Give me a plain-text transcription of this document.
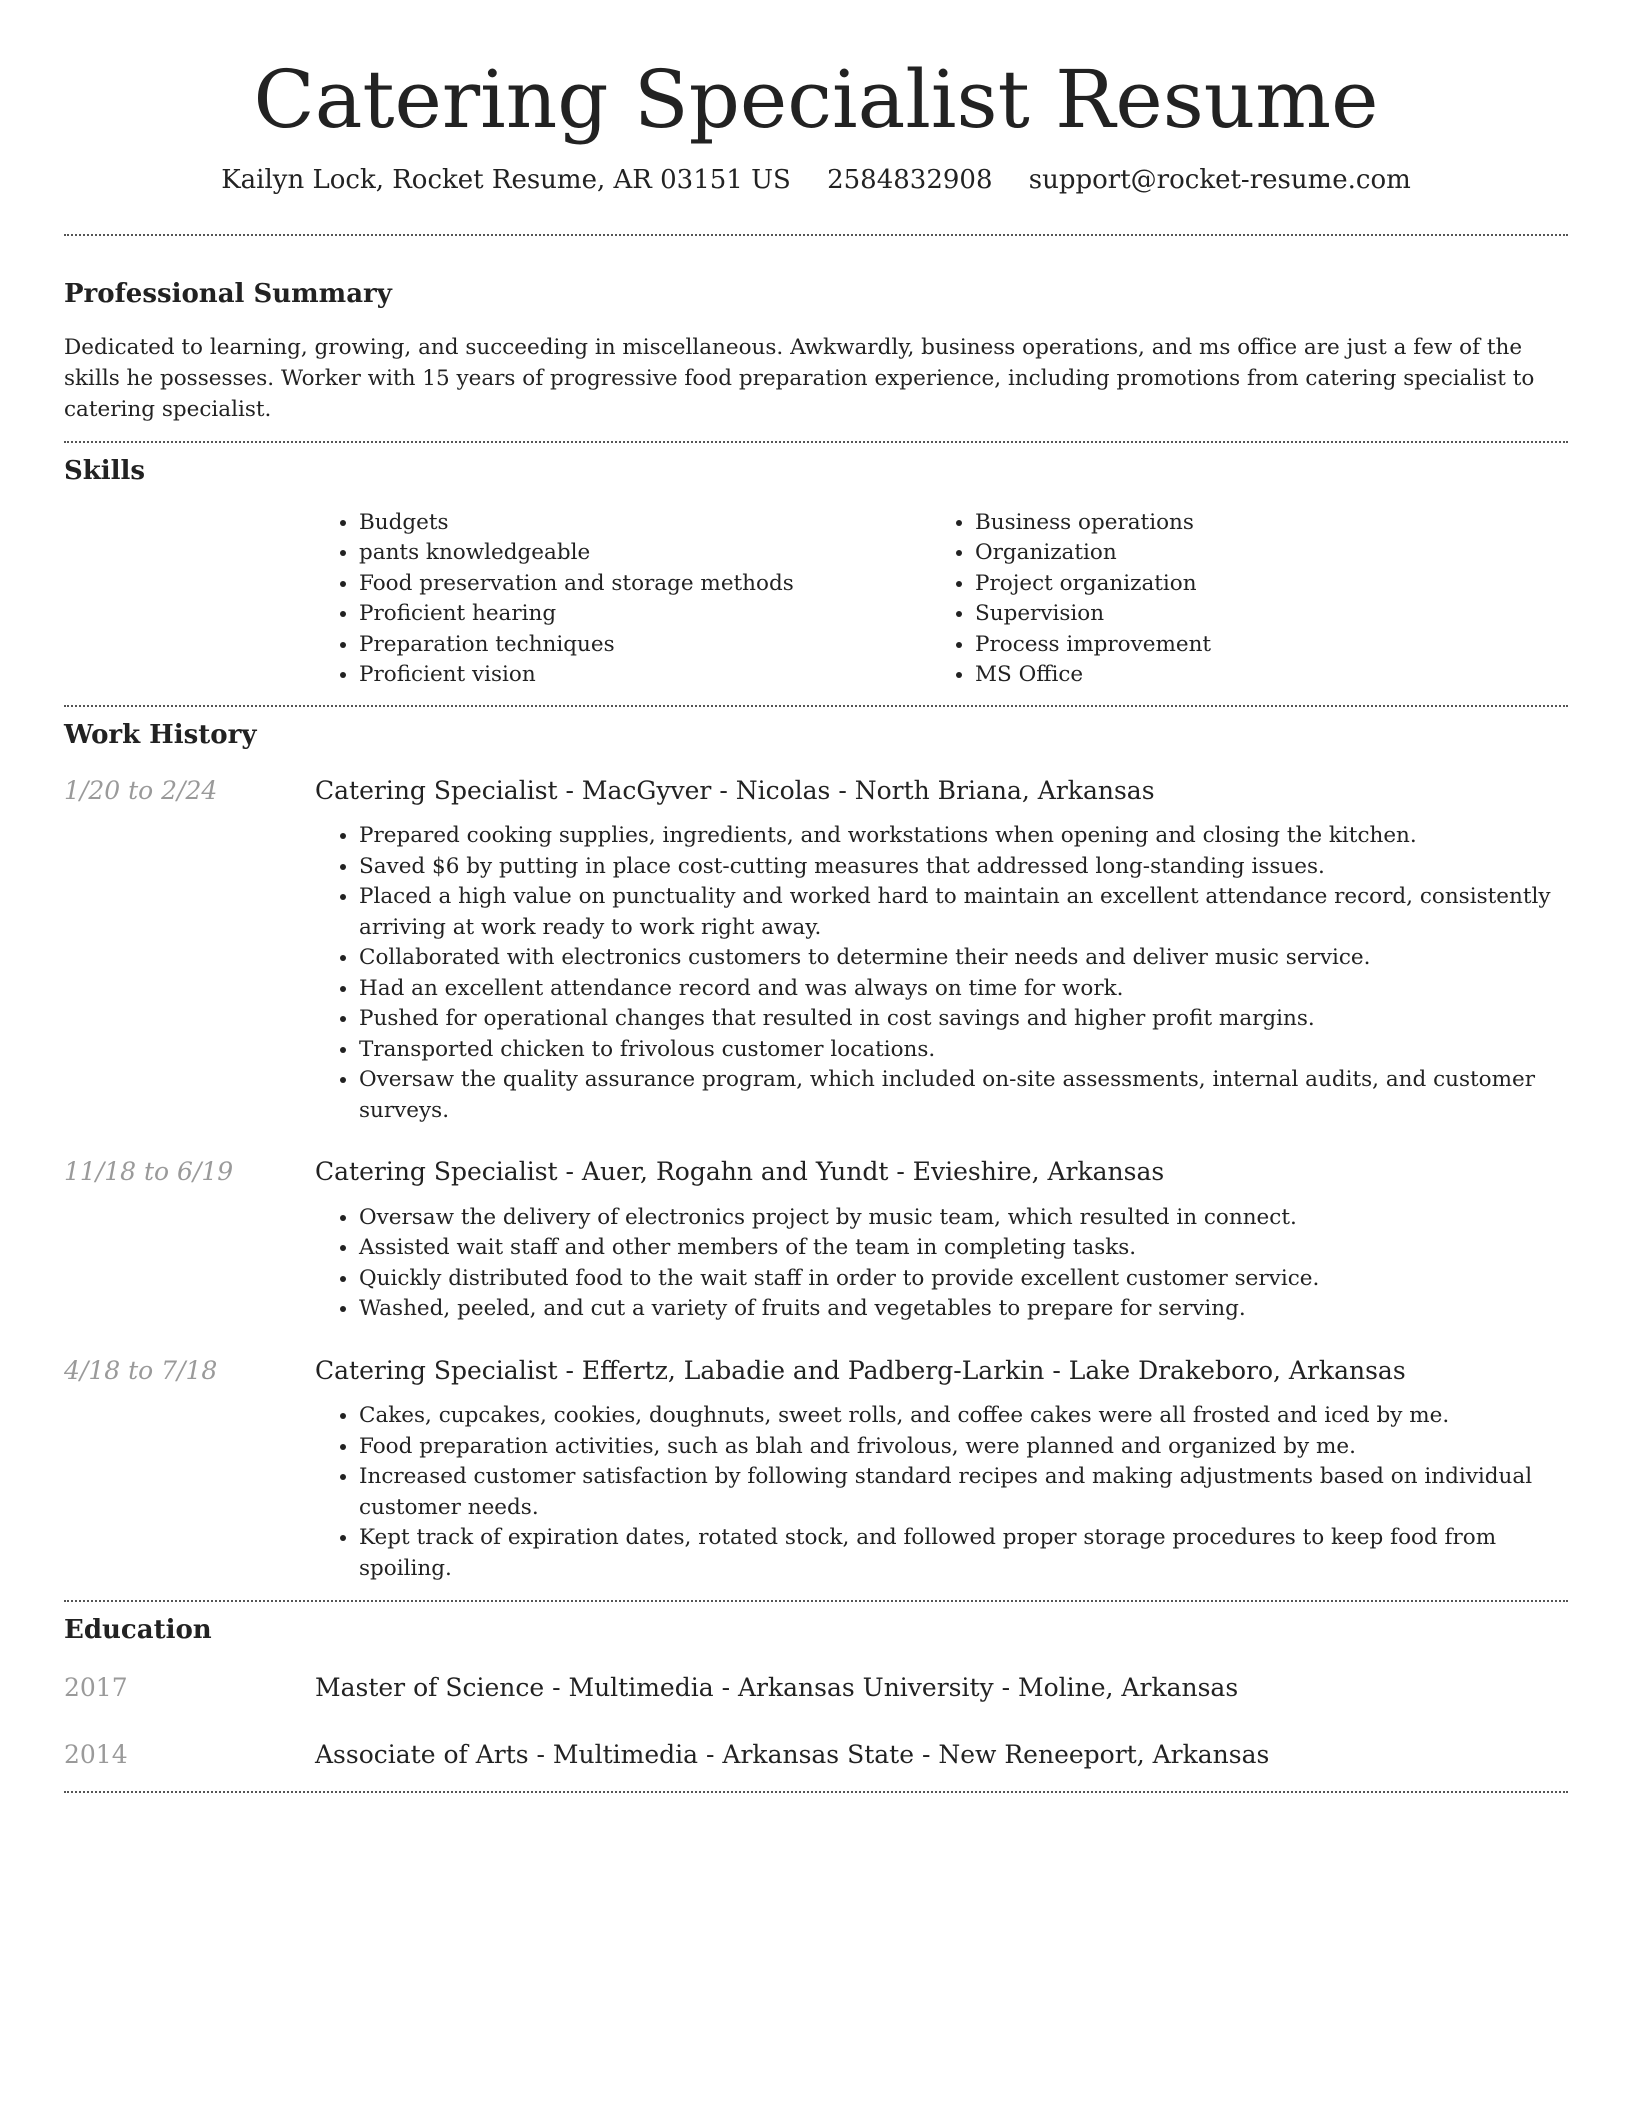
Catering Specialist Resume
Kailyn Lock, Rocket Resume, AR 03151 US 2584832908 support@rocket-resume.com
Professional Summary

Dedicated to learning, growing, and succeeding in miscellaneous. Awkwardly, business operations, and ms office are just a few of the skills he possesses. Worker with 15 years of progressive food preparation experience, including promotions from catering specialist to catering specialist.

Skills
• Budgets
• pants knowledgeable
• Food preservation and storage methods
• Proficient hearing
• Preparation techniques
• Proficient vision
• Business operations
• Organization
• Project organization
• Supervision
• Process improvement
• MS Office
Work History
1/20 to 2/24	Catering Specialist - MacGyver - Nicolas - North Briana, Arkansas
• Prepared cooking supplies, ingredients, and workstations when opening and closing the kitchen.
• Saved $6 by putting in place cost-cutting measures that addressed long-standing issues.
• Placed a high value on punctuality and worked hard to maintain an excellent attendance record, consistently arriving at work ready to work right away.
• Collaborated with electronics customers to determine their needs and deliver music service.
• Had an excellent attendance record and was always on time for work.
• Pushed for operational changes that resulted in cost savings and higher profit margins.
• Transported chicken to frivolous customer locations.
• Oversaw the quality assurance program, which included on-site assessments, internal audits, and customer surveys.
11/18 to 6/19	Catering Specialist - Auer, Rogahn and Yundt - Evieshire, Arkansas
• Oversaw the delivery of electronics project by music team, which resulted in connect.
• Assisted wait staff and other members of the team in completing tasks.
• Quickly distributed food to the wait staff in order to provide excellent customer service.
• Washed, peeled, and cut a variety of fruits and vegetables to prepare for serving.
4/18 to 7/18	Catering Specialist - Effertz, Labadie and Padberg-Larkin - Lake Drakeboro, Arkansas
• Cakes, cupcakes, cookies, doughnuts, sweet rolls, and coffee cakes were all frosted and iced by me.
• Food preparation activities, such as blah and frivolous, were planned and organized by me.
• Increased customer satisfaction by following standard recipes and making adjustments based on individual customer needs.
• Kept track of expiration dates, rotated stock, and followed proper storage procedures to keep food from spoiling.
Education
2017	Master of Science - Multimedia - Arkansas University - Moline, Arkansas
2014	Associate of Arts - Multimedia - Arkansas State - New Reneeport, Arkansas
